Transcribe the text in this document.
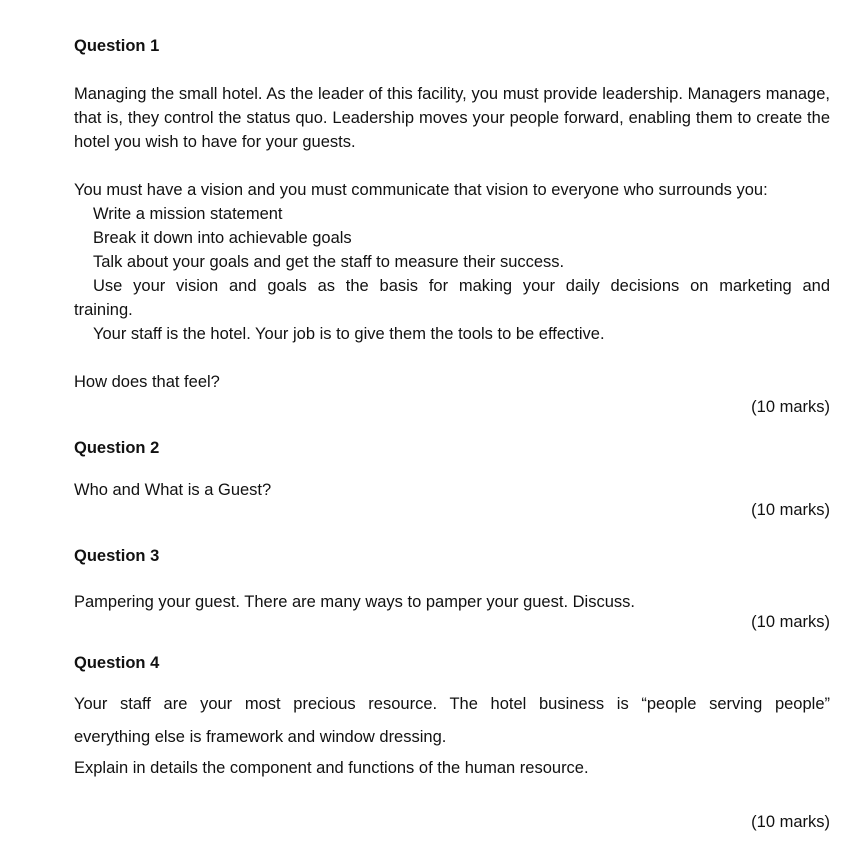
Question 1
Managing the small hotel. As the leader of this facility, you must provide leadership. Managers manage, that is, they control the status quo. Leadership moves your people forward, enabling them to create the hotel you wish to have for your guests.
You must have a vision and you must communicate that vision to everyone who surrounds you:
Write a mission statement
Break it down into achievable goals
Talk about your goals and get the staff to measure their success.
Use your vision and goals as the basis for making your daily decisions on marketing and
training.
Your staff is the hotel. Your job is to give them the tools to be effective.
How does that feel?
(10 marks)
Question 2
Who and What is a Guest?
(10 marks)
Question 3
Pampering your guest. There are many ways to pamper your guest. Discuss.
(10 marks)
Question 4
Your staff are your most precious resource. The hotel business is “people serving people”
everything else is framework and window dressing.
Explain in details the component and functions of the human resource.
(10 marks)
